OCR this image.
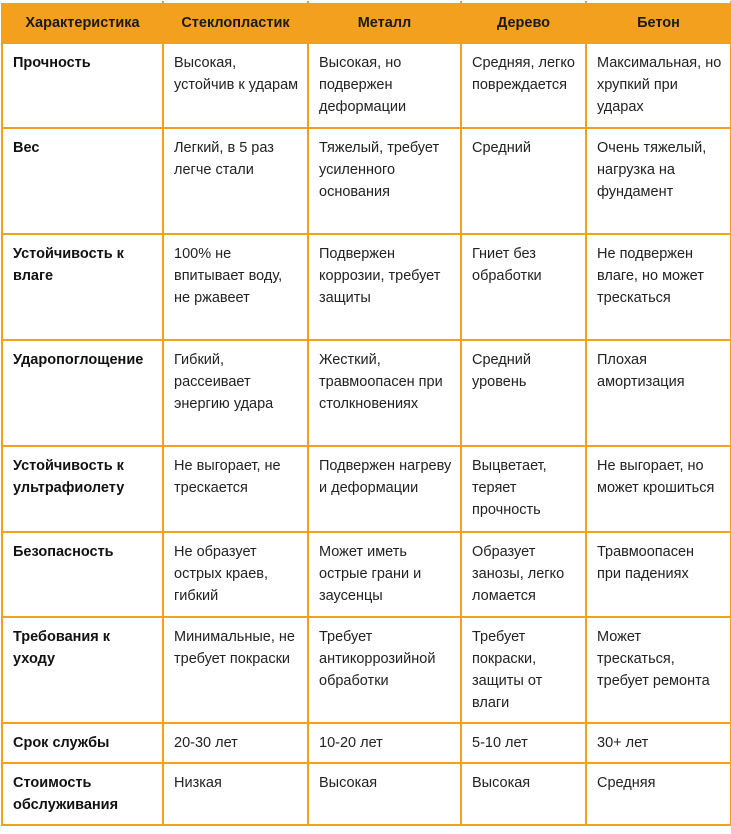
Характеристика	Стеклопластик	Металл	Дерево	Бетон
Прочность	Высокая, устойчив к ударам	Высокая, но подвержен деформации	Средняя, легко повреждается	Максимальная, но хрупкий при ударах
Вес	Легкий, в 5 раз легче стали	Тяжелый, требует усиленного основания	Средний	Очень тяжелый, нагрузка на фундамент
Устойчивость к влаге	100% не впитывает воду, не ржавеет	Подвержен коррозии, требует защиты	Гниет без обработки	Не подвержен влаге, но может трескаться
Ударопоглощение	Гибкий, рассеивает энергию удара	Жесткий, травмоопасен при столкновениях	Средний уровень	Плохая амортизация
Устойчивость к ультрафиолету	Не выгорает, не трескается	Подвержен нагреву и деформации	Выцветает, теряет прочность	Не выгорает, но может крошиться
Безопасность	Не образует острых краев, гибкий	Может иметь острые грани и заусенцы	Образует занозы, легко ломается	Травмоопасен при падениях
Требования к уходу	Минимальные, не требует покраски	Требует антикоррозийной обработки	Требует покраски, защиты от влаги	Может трескаться, требует ремонта
Срок службы	20-30 лет	10-20 лет	5-10 лет	30+ лет
Стоимость обслуживания	Низкая	Высокая	Высокая	Средняя
